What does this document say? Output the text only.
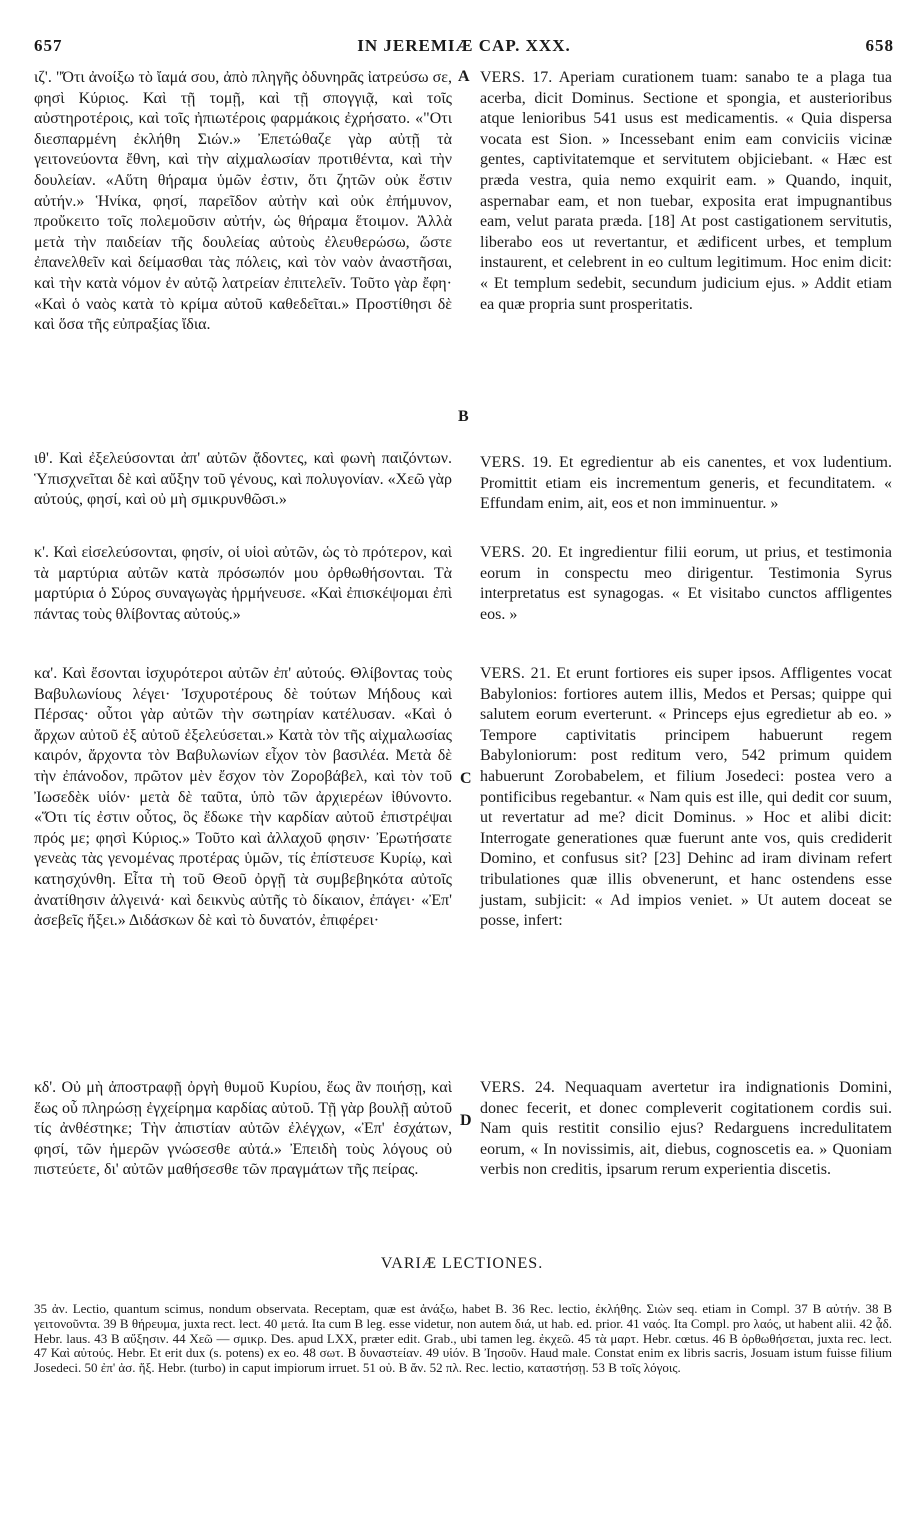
657	IN JEREMIÆ CAP. XXX.	658

ιζ'. "Ότι ἀνοίξω τὸ ἴαμά σου, ἀπὸ πληγῆς ὀδυνηρᾶς ἰατρεύσω σε, φησὶ Κύριος. Καὶ τῇ τομῇ, καὶ τῇ σπογγιᾷ, καὶ τοῖς αὐστηροτέροις, καὶ τοῖς ἠπιωτέροις φαρμάκοις ἐχρήσατο. «"Οτι διεσπαρμένη ἐκλήθη Σιών.» Ἐπετώθαζε γὰρ αὐτῇ τὰ γειτονεύοντα ἔθνη, καὶ τὴν αἰχμαλωσίαν προτιθέντα, καὶ τὴν δουλείαν. «Αὕτη θήραμα ὑμῶν ἐστιν, ὅτι ζητῶν οὐκ ἔστιν αὐτήν.» Ἡνίκα, φησί, παρεῖδον αὐτὴν καὶ οὐκ ἐπήμυνον, προὔκειτο τοῖς πολεμοῦσιν αὐτήν, ὡς θήραμα ἕτοιμον. Ἀλλὰ μετὰ τὴν παιδείαν τῆς δουλείας αὐτοὺς ἐλευθερώσω, ὥστε ἐπανελθεῖν καὶ δείμασθαι τὰς πόλεις, καὶ τὸν ναὸν ἀναστῆσαι, καὶ τὴν κατὰ νόμον ἐν αὐτῷ λατρείαν ἐπιτελεῖν. Τοῦτο γὰρ ἔφη· «Καὶ ὁ ναὸς κατὰ τὸ κρίμα αὐτοῦ καθεδεῖται.» Προστίθησι δὲ καὶ ὅσα τῆς εὐπραξίας ἴδια.

ιθ'. Καὶ ἐξελεύσονται ἀπ' αὐτῶν ᾄδοντες, καὶ φωνὴ παιζόντων. Ὑπισχνεῖται δὲ καὶ αὔξην τοῦ γένους, καὶ πολυγονίαν. «Χεῶ γὰρ αὐτούς, φησί, καὶ οὐ μὴ σμικρυνθῶσι.»

κ'. Καὶ εἰσελεύσονται, φησίν, οἱ υἱοὶ αὐτῶν, ὡς τὸ πρότερον, καὶ τὰ μαρτύρια αὐτῶν κατὰ πρόσωπόν μου ὀρθωθήσονται. Τὰ μαρτύρια ὁ Σύρος συναγωγὰς ἡρμήνευσε. «Καὶ ἐπισκέψομαι ἐπὶ πάντας τοὺς θλίβοντας αὐτούς.»

κα'. Καὶ ἔσονται ἰσχυρότεροι αὐτῶν ἐπ' αὐτούς. Θλίβοντας τοὺς Βαβυλωνίους λέγει· Ἰσχυροτέρους δὲ τούτων Μήδους καὶ Πέρσας· οὗτοι γὰρ αὐτῶν τὴν σωτηρίαν κατέλυσαν. «Καὶ ὁ ἄρχων αὐτοῦ ἐξ αὐτοῦ ἐξελεύσεται.» Κατὰ τὸν τῆς αἰχμαλωσίας καιρόν, ἄρχοντα τὸν Βαβυλωνίων εἶχον τὸν βασιλέα. Μετὰ δὲ τὴν ἐπάνοδον, πρῶτον μὲν ἔσχον τὸν Ζοροβάβελ, καὶ τὸν τοῦ Ἰωσεδὲκ υἱόν· μετὰ δὲ ταῦτα, ὑπὸ τῶν ἀρχιερέων ἰθύνοντο. «Ὅτι τίς ἐστιν οὗτος, ὃς ἔδωκε τὴν καρδίαν αὐτοῦ ἐπιστρέψαι πρός με; φησὶ Κύριος.» Τοῦτο καὶ ἀλλαχοῦ φησιν· Ἐρωτήσατε γενεὰς τὰς γενομένας προτέρας ὑμῶν, τίς ἐπίστευσε Κυρίῳ, καὶ κατησχύνθη. Εἶτα τὴ τοῦ Θεοῦ ὀργῇ τὰ συμβεβηκότα αὐτοῖς ἀνατίθησιν ἀλγεινά· καὶ δεικνὺς αὐτῆς τὸ δίκαιον, ἐπάγει· «Ἐπ' ἀσεβεῖς ἥξει.» Διδάσκων δὲ καὶ τὸ δυνατόν, ἐπιφέρει·

κδ'. Οὐ μὴ ἀποστραφῇ ὀργὴ θυμοῦ Κυρίου, ἕως ἂν ποιήσῃ, καὶ ἕως οὗ πληρώσῃ ἐγχείρημα καρδίας αὐτοῦ. Τῇ γὰρ βουλῇ αὐτοῦ τίς ἀνθέστηκε; Τὴν ἀπιστίαν αὐτῶν ἐλέγχων, «Ἐπ' ἐσχάτων, φησί, τῶν ἡμερῶν γνώσεσθε αὐτά.» Ἐπειδὴ τοὺς λόγους οὐ πιστεύετε, δι' αὐτῶν μαθήσεσθε τῶν πραγμάτων τῆς πείρας.

VERS. 17. Aperiam curationem tuam: sanabo te a plaga tua acerba, dicit Dominus. Sectione et spongia, et austerioribus atque lenioribus 541 usus est medicamentis. « Quia dispersa vocata est Sion. » Incessebant enim eam conviciis vicinæ gentes, captivitatemque et servitutem objiciebant. « Hæc est præda vestra, quia nemo exquirit eam. » Quando, inquit, aspernabar eam, et non tuebar, exposita erat impugnantibus eam, velut parata præda. [18] At post castigationem servitutis, liberabo eos ut revertantur, et ædificent urbes, et templum instaurent, et celebrent in eo cultum legitimum. Hoc enim dicit: « Et templum sedebit, secundum judicium ejus. » Addit etiam ea quæ propria sunt prosperitatis.

VERS. 19. Et egredientur ab eis canentes, et vox ludentium. Promittit etiam eis incrementum generis, et fecunditatem. « Effundam enim, ait, eos et non imminuentur. »

VERS. 20. Et ingredientur filii eorum, ut prius, et testimonia eorum in conspectu meo dirigentur. Testimonia Syrus interpretatus est synagogas. « Et visitabo cunctos affligentes eos. »

VERS. 21. Et erunt fortiores eis super ipsos. Affligentes vocat Babylonios: fortiores autem illis, Medos et Persas; quippe qui salutem eorum everterunt. « Princeps ejus egredietur ab eo. » Tempore captivitatis principem habuerunt regem Babyloniorum: post reditum vero, 542 primum quidem habuerunt Zorobabelem, et filium Josedeci: postea vero a pontificibus regebantur. « Nam quis est ille, qui dedit cor suum, ut revertatur ad me? dicit Dominus. » Hoc et alibi dicit: Interrogate generationes quæ fuerunt ante vos, quis crediderit Domino, et confusus sit? [23] Dehinc ad iram divinam refert tribulationes quæ illis obvenerunt, et hanc ostendens esse justam, subjicit: « Ad impios veniet. » Ut autem doceat se posse, infert:

VERS. 24. Nequaquam avertetur ira indignationis Domini, donec fecerit, et donec compleverit cogitationem cordis sui. Nam quis restitit consilio ejus? Redarguens incredulitatem eorum, « In novissimis, ait, diebus, cognoscetis ea. » Quoniam verbis non creditis, ipsarum rerum experientia discetis.

A
B
C
D
VARIÆ LECTIONES.

35 ἀν. Lectio, quantum scimus, nondum observata. Receptam, quæ est ἀνάξω, habet B. 36 Rec. lectio, ἐκλήθης. Σιὼν seq. etiam in Compl. 37 B αὐτήν. 38 B γειτονοῦντα. 39 B θήρευμα, juxta rect. lect. 40 μετά. Ita cum B leg. esse videtur, non autem διά, ut hab. ed. prior. 41 ναός. Ita Compl. pro λαός, ut habent alii. 42 ᾆδ. Hebr. laus. 43 B αὔξησιν. 44 Χεῶ — σμικρ. Des. apud LXX, præter edit. Grab., ubi tamen leg. ἐκχεῶ. 45 τὰ μαρτ. Hebr. cœtus. 46 B ὀρθωθήσεται, juxta rec. lect. 47 Καὶ αὐτούς. Hebr. Et erit dux (s. potens) ex eo. 48 σωτ. B δυναστείαν. 49 υἱόν. B Ἰησοῦν. Haud male. Constat enim ex libris sacris, Josuam istum fuisse filium Josedeci. 50 ἐπ' ἀσ. ἥξ. Hebr. (turbo) in caput impiorum irruet. 51 οὐ. B ἄν. 52 πλ. Rec. lectio, καταστήσῃ. 53 B τοῖς λόγοις.
